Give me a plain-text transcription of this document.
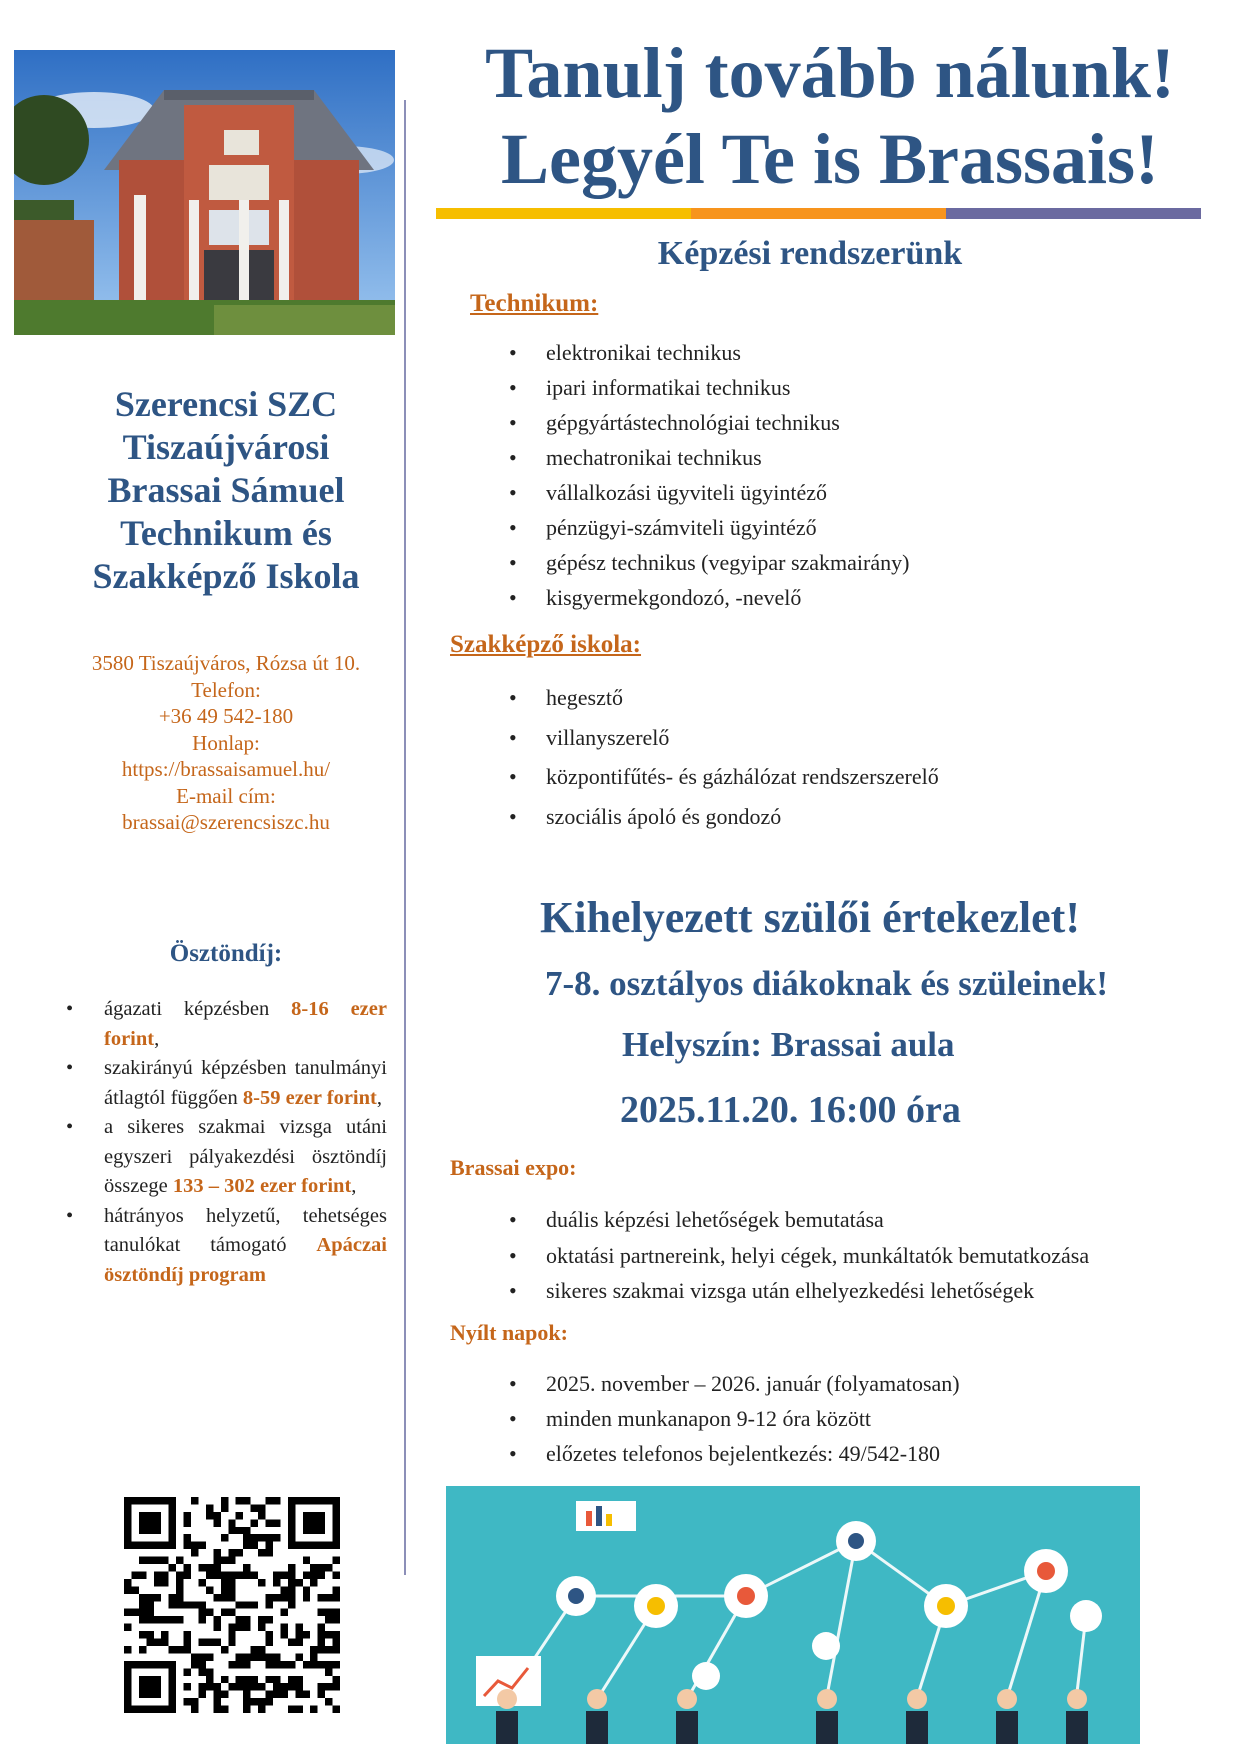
Szerencsi SZC
Tiszaújvárosi
Brassai Sámuel
Technikum és
Szakképző Iskola
3580 Tiszaújváros, Rózsa út 10.
Telefon:
+36 49 542-180
Honlap:
https://brassaisamuel.hu/
E-mail cím:
brassai@szerencsiszc.hu
Ösztöndíj:
• ágazati képzésben 8-16 ezer forint,
• szakirányú képzésben tanulmányi átlagtól függően 8-59 ezer forint,
• a sikeres szakmai vizsga utáni egyszeri pályakezdési ösztöndíj összege 133 – 302 ezer forint,
• hátrányos helyzetű, tehetséges tanulókat támogató Apáczai ösztöndíj program
Tanulj tovább nálunk!
Legyél Te is Brassais!
Képzési rendszerünk
Technikum:
• elektronikai technikus
• ipari informatikai technikus
• gépgyártástechnológiai technikus
• mechatronikai technikus
• vállalkozási ügyviteli ügyintéző
• pénzügyi-számviteli ügyintéző
• gépész technikus (vegyipar szakmairány)
• kisgyermekgondozó, -nevelő
Szakképző iskola:
• hegesztő
• villanyszerelő
• központifűtés- és gázhálózat rendszerszerelő
• szociális ápoló és gondozó
Kihelyezett szülői értekezlet!
7-8. osztályos diákoknak és szüleinek!
Helyszín: Brassai aula
2025.11.20. 16:00 óra
Brassai expo:
• duális képzési lehetőségek bemutatása
• oktatási partnereink, helyi cégek, munkáltatók bemutatkozása
• sikeres szakmai vizsga után elhelyezkedési lehetőségek
Nyílt napok:
• 2025. november – 2026. január (folyamatosan)
• minden munkanapon 9-12 óra között
• előzetes telefonos bejelentkezés: 49/542-180
